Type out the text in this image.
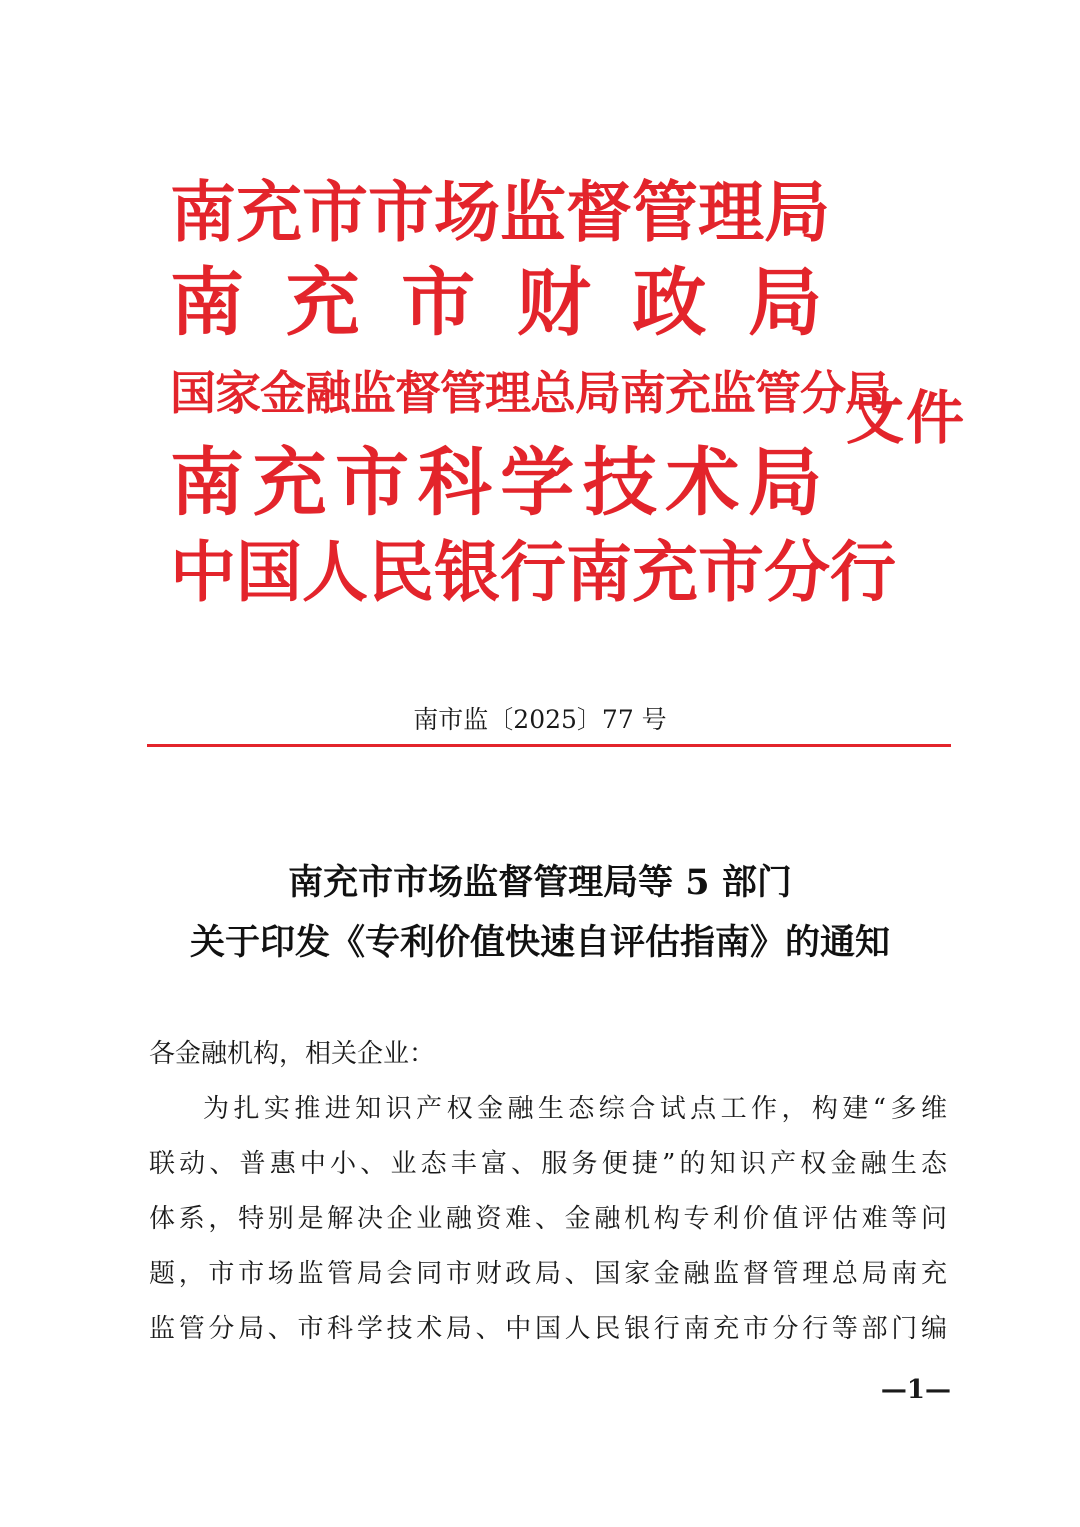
南充市市场监督管理局
南 充 市 财 政 局
国家金融监督管理总局南充监管分局
南 充 市 科 学 技 术 局
中国人民银行南充市分行
文件
南市监〔2025〕77 号
南充市市场监督管理局等 5 部门
关于印发《专利价值快速自评估指南》的通知
各金融机构，相关企业：
为扎实推进知识产权金融生态综合试点工作，构建“多维
联动、普惠中小、业态丰富、服务便捷”的知识产权金融生态
体系，特别是解决企业融资难、金融机构专利价值评估难等问
题，市市场监管局会同市财政局、国家金融监督管理总局南充
监管分局、市科学技术局、中国人民银行南充市分行等部门编
—1—
